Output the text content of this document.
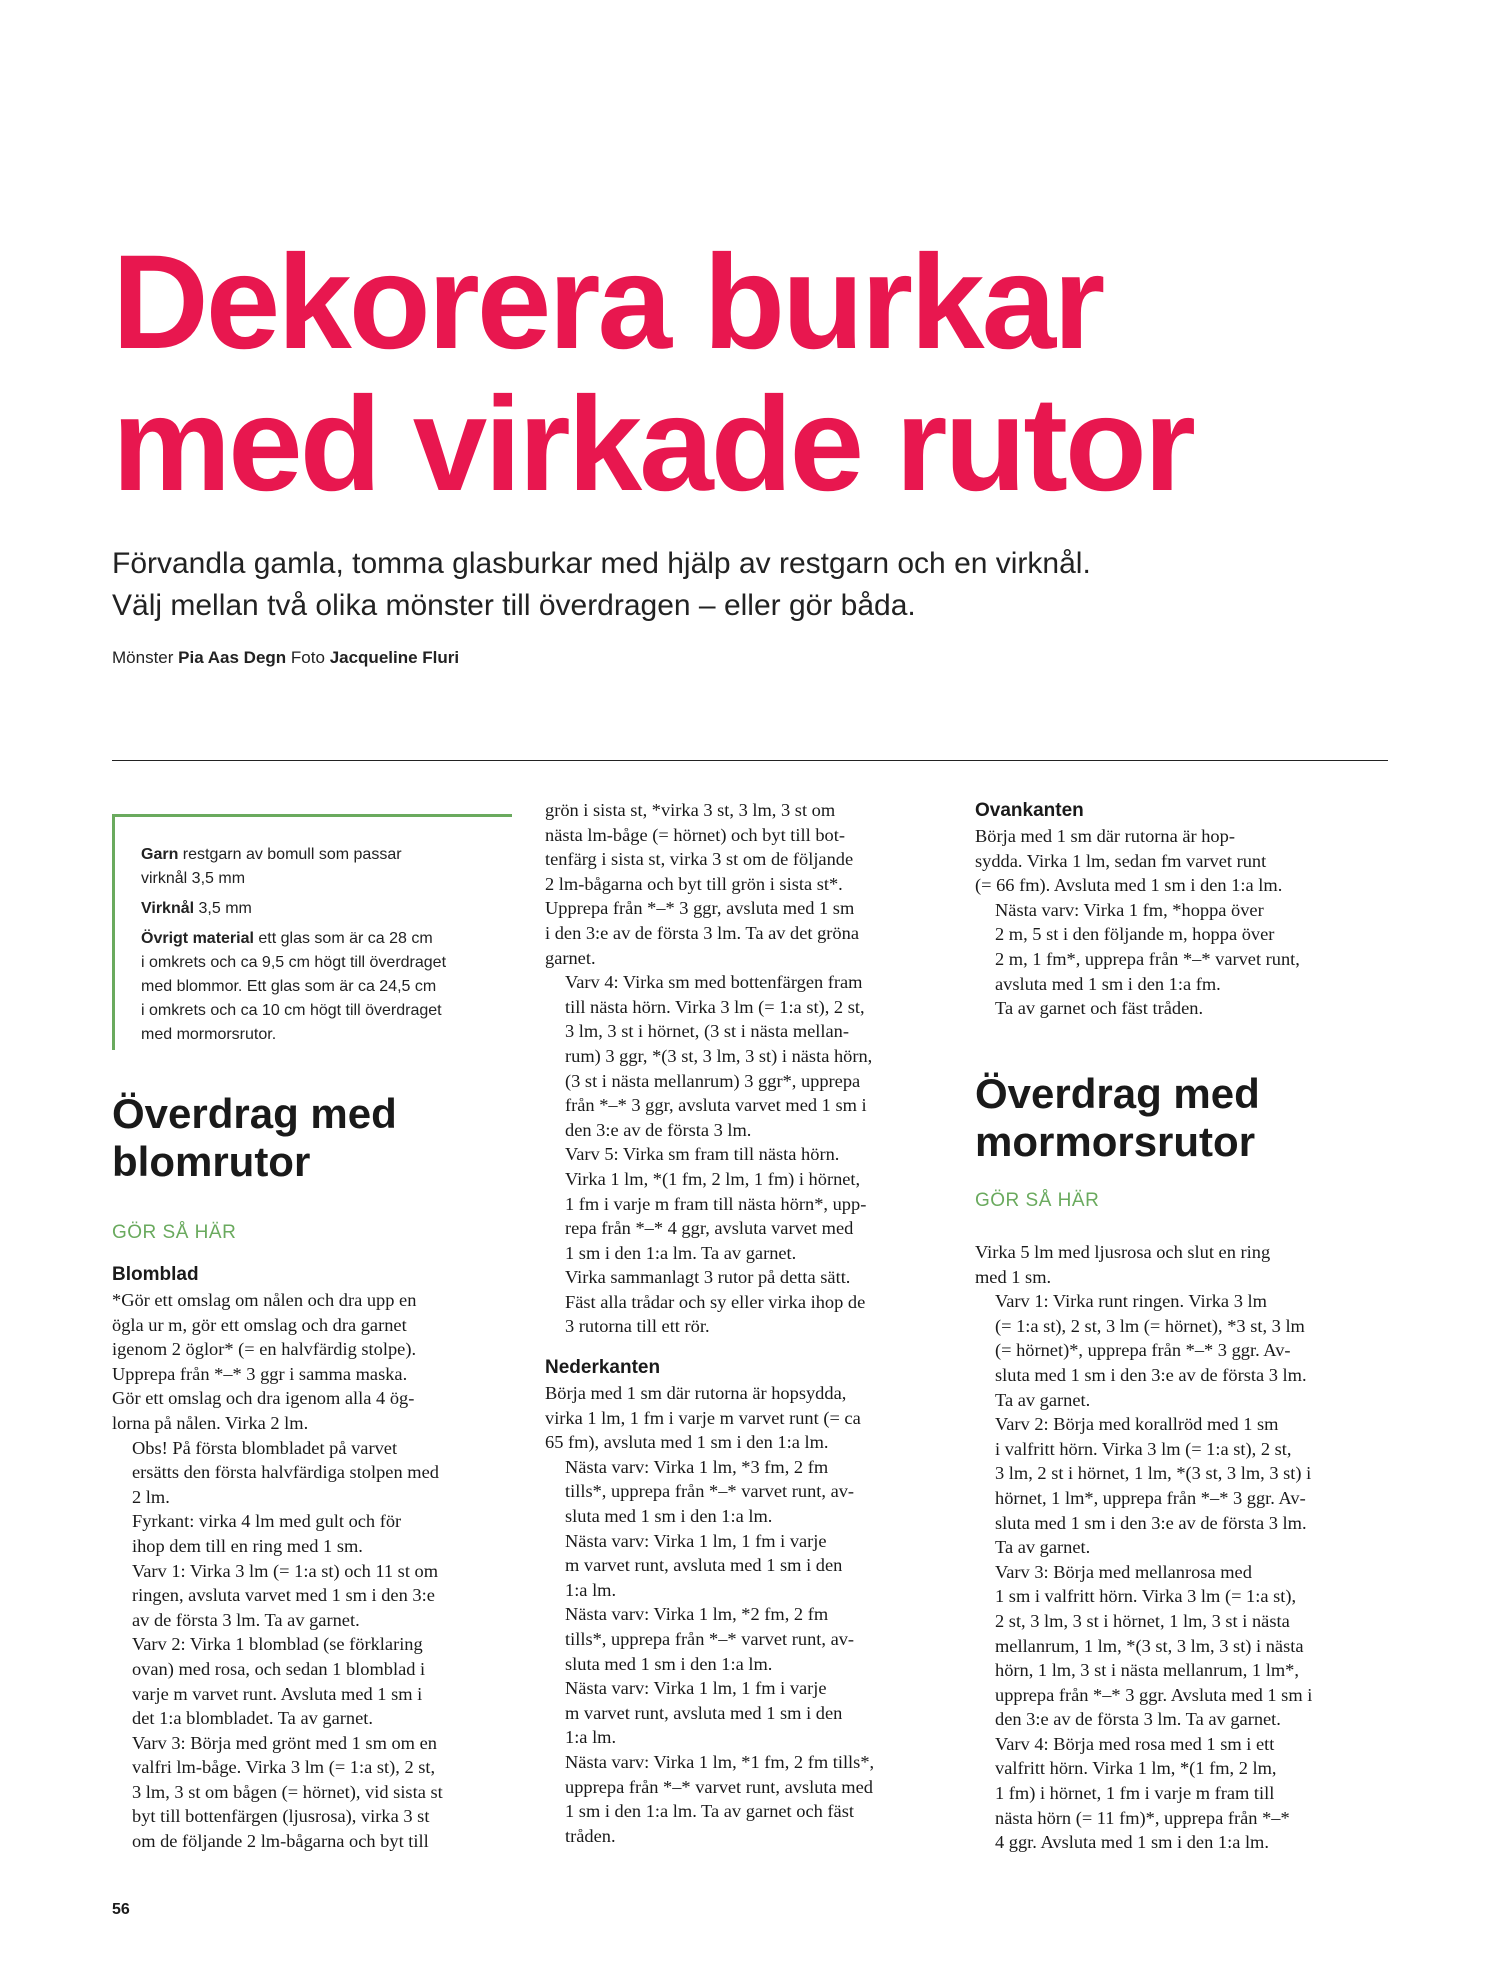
Dekorera burkar
med virkade rutor
Förvandla gamla, tomma glasburkar med hjälp av restgarn och en virknål.
Välj mellan två olika mönster till överdragen – eller gör båda.
Mönster Pia Aas Degn Foto Jacqueline Fluri

Garn restgarn av bomull som passar
virknål 3,5 mm

Virknål 3,5 mm

Övrigt material ett glas som är ca 28 cm
i omkrets och ca 9,5 cm högt till överdraget
med blommor. Ett glas som är ca 24,5 cm
i omkrets och ca 10 cm högt till överdraget
med mormorsrutor.

Överdrag med
blomrutor
GÖR SÅ HÄR
Blomblad

*Gör ett omslag om nålen och dra upp en
ögla ur m, gör ett omslag och dra garnet
igenom 2 öglor* (= en halvfärdig stolpe).
Upprepa från *–* 3 ggr i samma maska.
Gör ett omslag och dra igenom alla 4 ög-
lorna på nålen. Virka 2 lm.

Obs! På första blombladet på varvet
ersätts den första halvfärdiga stolpen med
2 lm.

Fyrkant: virka 4 lm med gult och för
ihop dem till en ring med 1 sm.

Varv 1: Virka 3 lm (= 1:a st) och 11 st om
ringen, avsluta varvet med 1 sm i den 3:e
av de första 3 lm. Ta av garnet.

Varv 2: Virka 1 blomblad (se förklaring
ovan) med rosa, och sedan 1 blomblad i
varje m varvet runt. Avsluta med 1 sm i
det 1:a blombladet. Ta av garnet.

Varv 3: Börja med grönt med 1 sm om en
valfri lm-båge. Virka 3 lm (= 1:a st), 2 st,
3 lm, 3 st om bågen (= hörnet), vid sista st
byt till bottenfärgen (ljusrosa), virka 3 st
om de följande 2 lm-bågarna och byt till

grön i sista st, *virka 3 st, 3 lm, 3 st om
nästa lm-båge (= hörnet) och byt till bot-
tenfärg i sista st, virka 3 st om de följande
2 lm-bågarna och byt till grön i sista st*.
Upprepa från *–* 3 ggr, avsluta med 1 sm
i den 3:e av de första 3 lm. Ta av det gröna
garnet.

Varv 4: Virka sm med bottenfärgen fram
till nästa hörn. Virka 3 lm (= 1:a st), 2 st,
3 lm, 3 st i hörnet, (3 st i nästa mellan-
rum) 3 ggr, *(3 st, 3 lm, 3 st) i nästa hörn,
(3 st i nästa mellanrum) 3 ggr*, upprepa
från *–* 3 ggr, avsluta varvet med 1 sm i
den 3:e av de första 3 lm.

Varv 5: Virka sm fram till nästa hörn.
Virka 1 lm, *(1 fm, 2 lm, 1 fm) i hörnet,
1 fm i varje m fram till nästa hörn*, upp-
repa från *–* 4 ggr, avsluta varvet med
1 sm i den 1:a lm. Ta av garnet.

Virka sammanlagt 3 rutor på detta sätt.
Fäst alla trådar och sy eller virka ihop de
3 rutorna till ett rör.

Nederkanten

Börja med 1 sm där rutorna är hopsydda,
virka 1 lm, 1 fm i varje m varvet runt (= ca
65 fm), avsluta med 1 sm i den 1:a lm.

Nästa varv: Virka 1 lm, *3 fm, 2 fm
tills*, upprepa från *–* varvet runt, av-
sluta med 1 sm i den 1:a lm.

Nästa varv: Virka 1 lm, 1 fm i varje
m varvet runt, avsluta med 1 sm i den
1:a lm.

Nästa varv: Virka 1 lm, *2 fm, 2 fm
tills*, upprepa från *–* varvet runt, av-
sluta med 1 sm i den 1:a lm.

Nästa varv: Virka 1 lm, 1 fm i varje
m varvet runt, avsluta med 1 sm i den
1:a lm.

Nästa varv: Virka 1 lm, *1 fm, 2 fm tills*,
upprepa från *–* varvet runt, avsluta med
1 sm i den 1:a lm. Ta av garnet och fäst
tråden.

Ovankanten

Börja med 1 sm där rutorna är hop-
sydda. Virka 1 lm, sedan fm varvet runt
(= 66 fm). Avsluta med 1 sm i den 1:a lm.

Nästa varv: Virka 1 fm, *hoppa över
2 m, 5 st i den följande m, hoppa över
2 m, 1 fm*, upprepa från *–* varvet runt,
avsluta med 1 sm i den 1:a fm.

Ta av garnet och fäst tråden.

Överdrag med
mormorsrutor
GÖR SÅ HÄR

Virka 5 lm med ljusrosa och slut en ring
med 1 sm.

Varv 1: Virka runt ringen. Virka 3 lm
(= 1:a st), 2 st, 3 lm (= hörnet), *3 st, 3 lm
(= hörnet)*, upprepa från *–* 3 ggr. Av-
sluta med 1 sm i den 3:e av de första 3 lm.
Ta av garnet.

Varv 2: Börja med korallröd med 1 sm
i valfritt hörn. Virka 3 lm (= 1:a st), 2 st,
3 lm, 2 st i hörnet, 1 lm, *(3 st, 3 lm, 3 st) i
hörnet, 1 lm*, upprepa från *–* 3 ggr. Av-
sluta med 1 sm i den 3:e av de första 3 lm.
Ta av garnet.

Varv 3: Börja med mellanrosa med
1 sm i valfritt hörn. Virka 3 lm (= 1:a st),
2 st, 3 lm, 3 st i hörnet, 1 lm, 3 st i nästa
mellanrum, 1 lm, *(3 st, 3 lm, 3 st) i nästa
hörn, 1 lm, 3 st i nästa mellanrum, 1 lm*,
upprepa från *–* 3 ggr. Avsluta med 1 sm i
den 3:e av de första 3 lm. Ta av garnet.

Varv 4: Börja med rosa med 1 sm i ett
valfritt hörn. Virka 1 lm, *(1 fm, 2 lm,
1 fm) i hörnet, 1 fm i varje m fram till
nästa hörn (= 11 fm)*, upprepa från *–*
4 ggr. Avsluta med 1 sm i den 1:a lm.

56
